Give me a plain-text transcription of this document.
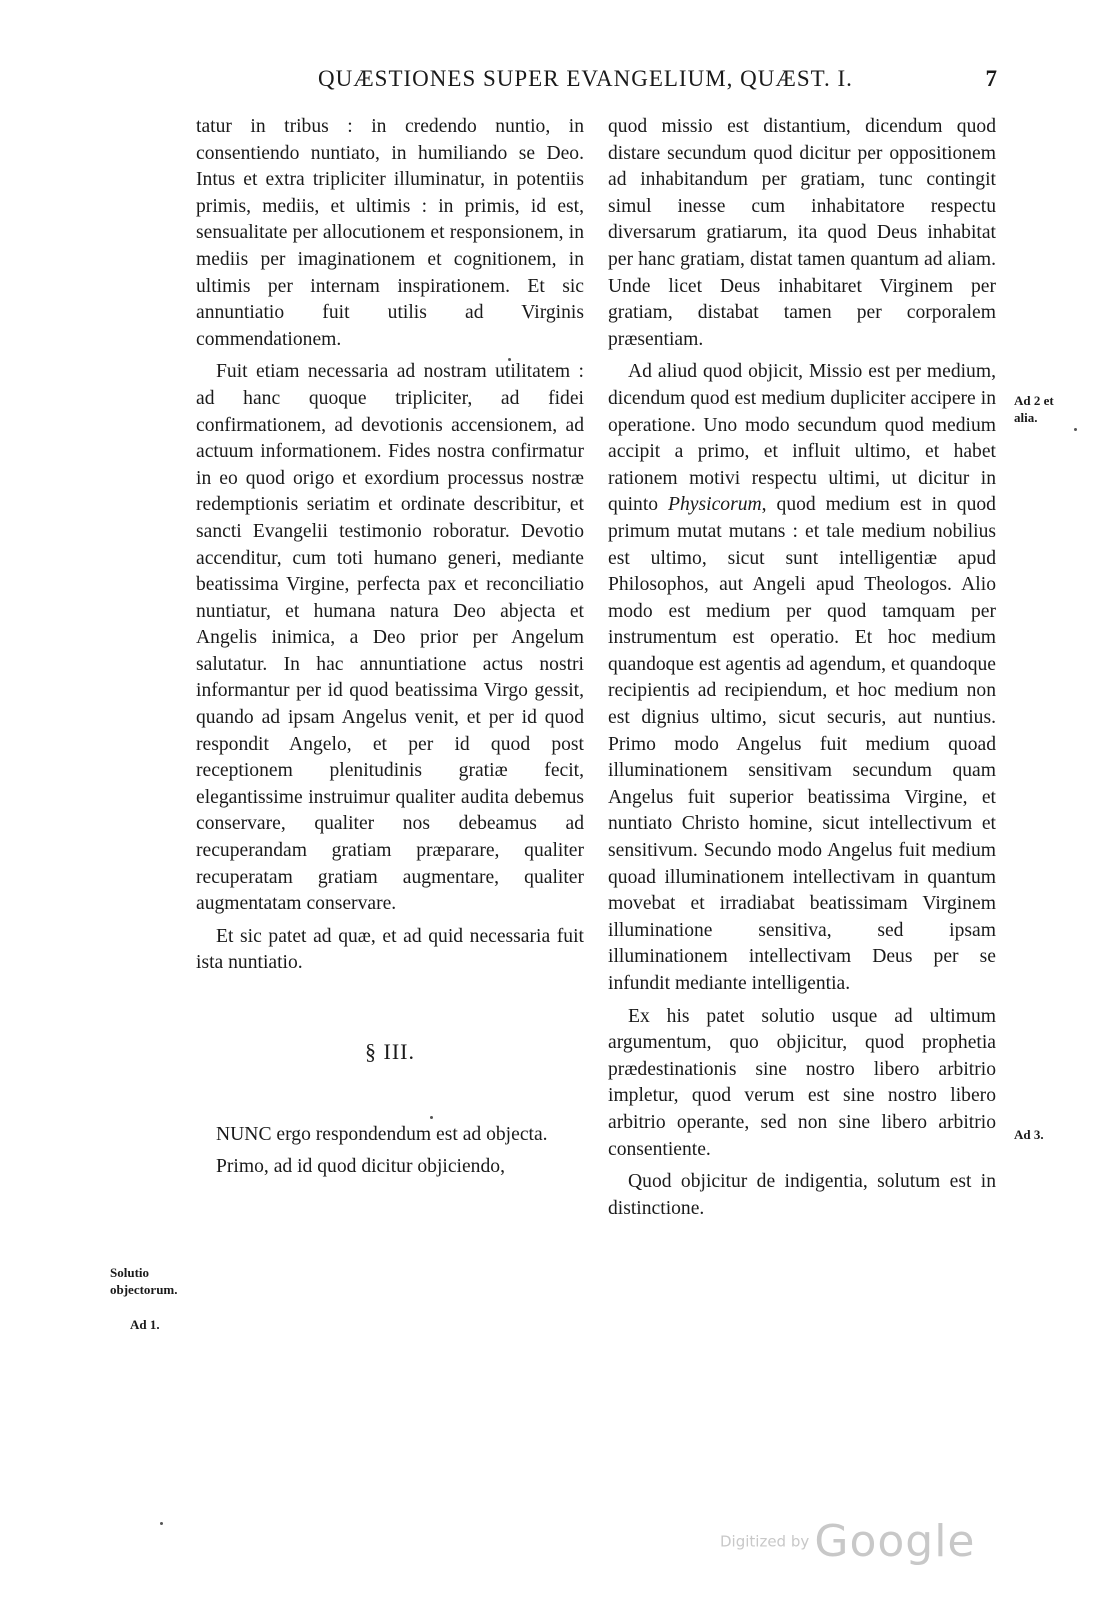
QUÆSTIONES SUPER EVANGELIUM, QUÆST. I.	7

tatur in tribus : in credendo nuntio, in consentiendo nuntiato, in humiliando se Deo. Intus et extra tripliciter illuminatur, in potentiis primis, mediis, et ultimis : in primis, id est, sensualitate per allocutionem et responsionem, in mediis per imaginationem et cognitionem, in ultimis per internam inspirationem. Et sic annuntiatio fuit utilis ad Virginis commendationem.

Fuit etiam necessaria ad nostram utilitatem : ad hanc quoque tripliciter, ad fidei confirmationem, ad devotionis accensionem, ad actuum informationem. Fides nostra confirmatur in eo quod origo et exordium processus nostræ redemptionis seriatim et ordinate describitur, et sancti Evangelii testimonio roboratur. Devotio accenditur, cum toti humano generi, mediante beatissima Virgine, perfecta pax et reconciliatio nuntiatur, et humana natura Deo abjecta et Angelis inimica, a Deo prior per Angelum salutatur. In hac annuntiatione actus nostri informantur per id quod beatissima Virgo gessit, quando ad ipsam Angelus venit, et per id quod respondit Angelo, et per id quod post receptionem plenitudinis gratiæ fecit, elegantissime instruimur qualiter audita debemus conservare, qualiter nos debeamus ad recuperandam gratiam præparare, qualiter recuperatam gratiam augmentare, qualiter augmentatam conservare.

Et sic patet ad quæ, et ad quid necessaria fuit ista nuntiatio.

§ III.

NUNC ergo respondendum est ad objecta.

Primo, ad id quod dicitur objiciendo,

quod missio est distantium, dicendum quod distare secundum quod dicitur per oppositionem ad inhabitandum per gratiam, tunc contingit simul inesse cum inhabitatore respectu diversarum gratiarum, ita quod Deus inhabitat per hanc gratiam, distat tamen quantum ad aliam. Unde licet Deus inhabitaret Virginem per gratiam, distabat tamen per corporalem præsentiam.

Ad aliud quod objicit, Missio est per medium, dicendum quod est medium dupliciter accipere in operatione. Uno modo secundum quod medium accipit a primo, et influit ultimo, et habet rationem motivi respectu ultimi, ut dicitur in quinto Physicorum, quod medium est in quod primum mutat mutans : et tale medium nobilius est ultimo, sicut sunt intelligentiæ apud Philosophos, aut Angeli apud Theologos. Alio modo est medium per quod tamquam per instrumentum est operatio. Et hoc medium quandoque est agentis ad agendum, et quandoque recipientis ad recipiendum, et hoc medium non est dignius ultimo, sicut securis, aut nuntius. Primo modo Angelus fuit medium quoad illuminationem sensitivam secundum quam Angelus fuit superior beatissima Virgine, et nuntiato Christo homine, sicut intellectivum et sensitivum. Secundo modo Angelus fuit medium quoad illuminationem intellectivam in quantum movebat et irradiabat beatissimam Virginem illuminatione sensitiva, sed ipsam illuminationem intellectivam Deus per se infundit mediante intelligentia.

Ex his patet solutio usque ad ultimum argumentum, quo objicitur, quod prophetia prædestinationis sine nostro libero arbitrio impletur, quod verum est sine nostro libero arbitrio operante, sed non sine libero arbitrio consentiente.

Quod objicitur de indigentia, solutum est in distinctione.

Ad 2 et alia.
Ad 3.
Solutio objectorum.
Ad 1.
Digitized by Google
